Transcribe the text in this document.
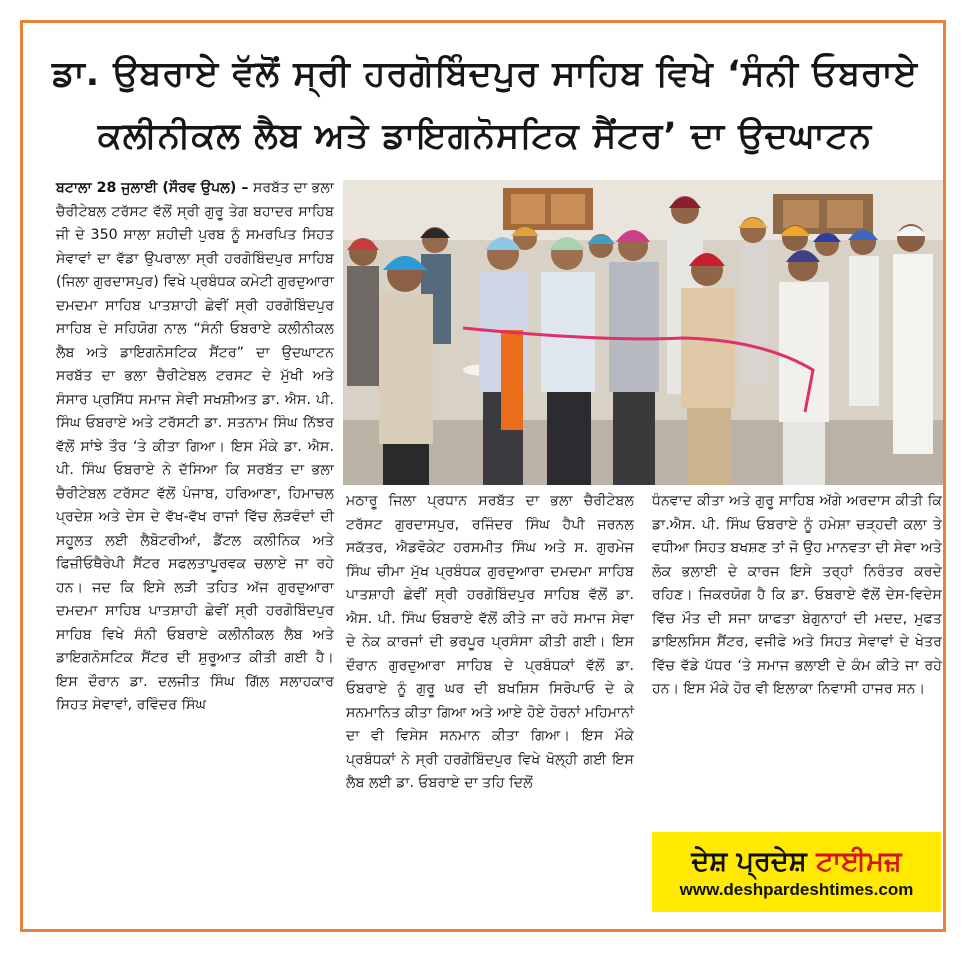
ਡਾ. ਉਬਰਾਏ ਵੱਲੋਂ ਸ੍ਰੀ ਹਰਗੋਬਿੰਦਪੁਰ ਸਾਹਿਬ ਵਿਖੇ ‘ਸੰਨੀ ਓਬਰਾਏ
ਕਲੀਨੀਕਲ ਲੈਬ ਅਤੇ ਡਾਇਗਨੋਸਟਿਕ ਸੈਂਟਰ’ ਦਾ ਉਦਘਾਟਨ

ਬਟਾਲਾ 28 ਜੁਲਾਈ (ਸੌਰਵ ਉਪਲ) – ਸਰਬੱਤ ਦਾ ਭਲਾ ਚੈਰੀਟੇਬਲ ਟਰੱਸਟ ਵੱਲੋਂ ਸ੍ਰੀ ਗੁਰੂ ਤੇਗ ਬਹਾਦਰ ਸਾਹਿਬ ਜੀ ਦੇ 350 ਸਾਲਾ ਸ਼ਹੀਦੀ ਪੁਰਬ ਨੂੰ ਸਮਰਪਿਤ ਸਿਹਤ ਸੇਵਾਵਾਂ ਦਾ ਵੱਡਾ ਉਪਰਾਲਾ ਸ੍ਰੀ ਹਰਗੋਬਿੰਦਪੁਰ ਸਾਹਿਬ (ਜਿਲਾ ਗੁਰਦਾਸਪੁਰ) ਵਿਖੇ ਪ੍ਰਬੰਧਕ ਕਮੇਟੀ ਗੁਰਦੁਆਰਾ ਦਮਦਮਾ ਸਾਹਿਬ ਪਾਤਸ਼ਾਹੀ ਛੇਵੀਂ ਸ੍ਰੀ ਹਰਗੋਬਿੰਦਪੁਰ ਸਾਹਿਬ ਦੇ ਸਹਿਯੋਗ ਨਾਲ “ਸੰਨੀ ਓਬਰਾਏ ਕਲੀਨੀਕਲ ਲੈਬ ਅਤੇ ਡਾਇਗਨੋਸਟਿਕ ਸੈਂਟਰ” ਦਾ ਉਦਘਾਟਨ ਸਰਬੱਤ ਦਾ ਭਲਾ ਚੈਰੀਟੇਬਲ ਟਰਸਟ ਦੇ ਮੁੱਖੀ ਅਤੇ ਸੰਸਾਰ ਪ੍ਰਸਿੱਧ ਸਮਾਜ ਸੇਵੀ ਸਖਸ਼ੀਅਤ ਡਾ. ਐਸ. ਪੀ. ਸਿੰਘ ਓਬਰਾਏ ਅਤੇ ਟਰੱਸਟੀ ਡਾ. ਸਤਨਾਮ ਸਿੰਘ ਨਿੱਝਰ ਵੱਲੋਂ ਸਾਂਝੇ ਤੌਰ ‘ਤੇ ਕੀਤਾ ਗਿਆ। ਇਸ ਮੌਕੇ ਡਾ. ਐਸ. ਪੀ. ਸਿੰਘ ਓਬਰਾਏ ਨੇ ਦੱਸਿਆ ਕਿ ਸਰਬੱਤ ਦਾ ਭਲਾ ਚੈਰੀਟੇਬਲ ਟਰੱਸਟ ਵੱਲੋਂ ਪੰਜਾਬ, ਹਰਿਆਣਾ, ਹਿਮਾਚਲ ਪ੍ਰਦੇਸ਼ ਅਤੇ ਦੇਸ ਦੇ ਵੱਖ-ਵੱਖ ਰਾਜਾਂ ਵਿੱਚ ਲੋੜਵੰਦਾਂ ਦੀ ਸਹੂਲਤ ਲਈ ਲੈਬੋਟਰੀਆਂ, ਡੈਂਟਲ ਕਲੀਨਿਕ ਅਤੇ ਫਿਜ਼ੀਓਥੈਰੇਪੀ ਸੈਂਟਰ ਸਫਲਤਾਪੂਰਵਕ ਚਲਾਏ ਜਾ ਰਹੇ ਹਨ। ਜਦ ਕਿ ਇਸੇ ਲੜੀ ਤਹਿਤ ਅੱਜ ਗੁਰਦੁਆਰਾ ਦਮਦਮਾ ਸਾਹਿਬ ਪਾਤਸ਼ਾਹੀ ਛੇਵੀਂ ਸ੍ਰੀ ਹਰਗੋਬਿੰਦਪੁਰ ਸਾਹਿਬ ਵਿਖੇ ਸੰਨੀ ਓਬਰਾਏ ਕਲੀਨੀਕਲ ਲੈਬ ਅਤੇ ਡਾਇਗਨੋਸਟਿਕ ਸੈਂਟਰ ਦੀ ਸ਼ੁਰੂਆਤ ਕੀਤੀ ਗਈ ਹੈ। ਇਸ ਦੌਰਾਨ ਡਾ. ਦਲਜੀਤ ਸਿੰਘ ਗਿੱਲ ਸਲਾਹਕਾਰ ਸਿਹਤ ਸੇਵਾਵਾਂ, ਰਵਿੰਦਰ ਸਿੰਘ

ਮਠਾਰੂ ਜਿਲਾ ਪ੍ਰਧਾਨ ਸਰਬੱਤ ਦਾ ਭਲਾ ਚੈਰੀਟੇਬਲ ਟਰੱਸਟ ਗੁਰਦਾਸਪੁਰ, ਰਜਿੰਦਰ ਸਿੰਘ ਹੈਪੀ ਜਰਨਲ ਸਕੱਤਰ, ਐਡਵੋਕੇਟ ਹਰਸਮੀਤ ਸਿੰਘ ਅਤੇ ਸ. ਗੁਰਮੇਜ ਸਿੰਘ ਚੀਮਾ ਮੁੱਖ ਪ੍ਰਬੰਧਕ ਗੁਰਦੁਆਰਾ ਦਮਦਮਾ ਸਾਹਿਬ ਪਾਤਸ਼ਾਹੀ ਛੇਵੀਂ ਸ੍ਰੀ ਹਰਗੋਬਿੰਦਪੁਰ ਸਾਹਿਬ ਵੱਲੋਂ ਡਾ. ਐਸ. ਪੀ. ਸਿੰਘ ਓਬਰਾਏ ਵੱਲੋਂ ਕੀਤੇ ਜਾ ਰਹੇ ਸਮਾਜ ਸੇਵਾ ਦੇ ਨੇਕ ਕਾਰਜਾਂ ਦੀ ਭਰਪੂਰ ਪ੍ਰਸੰਸਾ ਕੀਤੀ ਗਈ। ਇਸ ਦੌਰਾਨ ਗੁਰਦੁਆਰਾ ਸਾਹਿਬ ਦੇ ਪ੍ਰਬੰਧਕਾਂ ਵੱਲੋਂ ਡਾ. ਓਬਰਾਏ ਨੂੰ ਗੁਰੂ ਘਰ ਦੀ ਬਖਸ਼ਿਸ ਸਿਰੋਪਾਓ ਦੇ ਕੇ ਸਨਮਾਨਿਤ ਕੀਤਾ ਗਿਆ ਅਤੇ ਆਏ ਹੋਏ ਹੋਰਨਾਂ ਮਹਿਮਾਨਾਂ ਦਾ ਵੀ ਵਿਸੇਸ ਸਨਮਾਨ ਕੀਤਾ ਗਿਆ। ਇਸ ਮੌਕੇ ਪ੍ਰਬੰਧਕਾਂ ਨੇ ਸ੍ਰੀ ਹਰਗੋਬਿੰਦਪੁਰ ਵਿਖੇ ਖੋਲ੍ਹੀ ਗਈ ਇਸ ਲੈਬ ਲਈ ਡਾ. ਓਬਰਾਏ ਦਾ ਤਹਿ ਦਿਲੋਂ

ਧੰਨਵਾਦ ਕੀਤਾ ਅਤੇ ਗੁਰੂ ਸਾਹਿਬ ਅੱਗੇ ਅਰਦਾਸ ਕੀਤੀ ਕਿ ਡਾ.ਐਸ. ਪੀ. ਸਿੰਘ ਓਬਰਾਏ ਨੂੰ ਹਮੇਸ਼ਾ ਚੜ੍ਹਦੀ ਕਲਾ ਤੇ ਵਧੀਆ ਸਿਹਤ ਬਖਸ਼ਣ ਤਾਂ ਜੋ ਉਹ ਮਾਨਵਤਾ ਦੀ ਸੇਵਾ ਅਤੇ ਲੋਕ ਭਲਾਈ ਦੇ ਕਾਰਜ ਇਸੇ ਤਰ੍ਹਾਂ ਨਿਰੰਤਰ ਕਰਦੇ ਰਹਿਣ। ਜਿਕਰਯੋਗ ਹੈ ਕਿ ਡਾ. ਓਬਰਾਏ ਵੱਲੋਂ ਦੇਸ-ਵਿਦੇਸ ਵਿੱਚ ਮੌਤ ਦੀ ਸਜਾ ਯਾਫਤਾ ਬੇਗੁਨਾਹਾਂ ਦੀ ਮਦਦ, ਮੁਫਤ ਡਾਇਲਸਿਸ ਸੈਂਟਰ, ਵਜੀਫੇ ਅਤੇ ਸਿਹਤ ਸੇਵਾਵਾਂ ਦੇ ਖੇਤਰ ਵਿੱਚ ਵੱਡੇ ਪੱਧਰ ‘ਤੇ ਸਮਾਜ ਭਲਾਈ ਦੇ ਕੰਮ ਕੀਤੇ ਜਾ ਰਹੇ ਹਨ। ਇਸ ਮੌਕੇ ਹੋਰ ਵੀ ਇਲਾਕਾ ਨਿਵਾਸੀ ਹਾਜਰ ਸਨ।

ਦੇਸ਼ ਪ੍ਰਦੇਸ਼ ਟਾਈਮਜ਼
www.deshpardeshtimes.com
